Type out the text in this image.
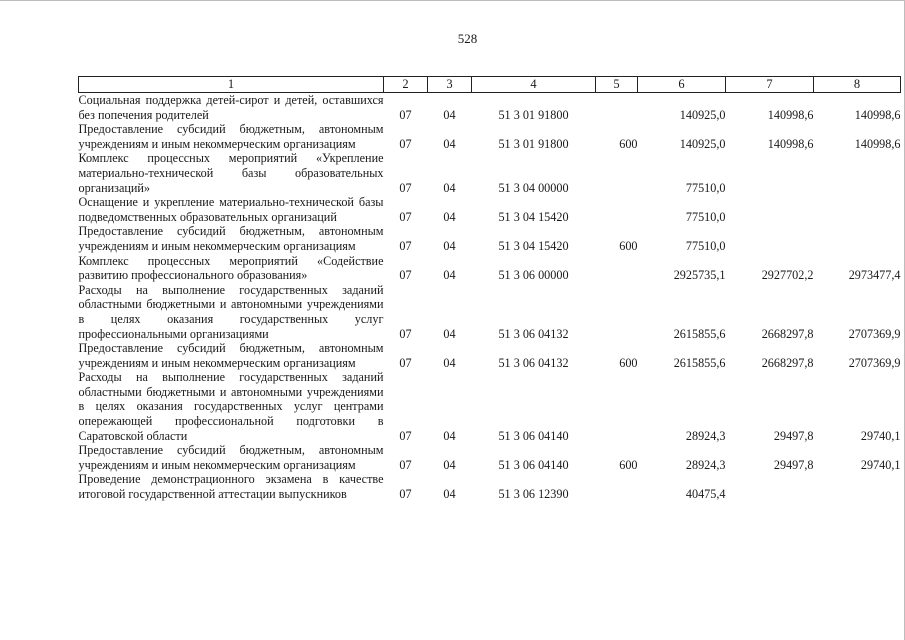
528
1	2	3	4	5	6	7	8

Социальная поддержка детей-сирот и детей, оставшихся без попечения родителей	07	04	51 3 01 91800		140925,0	140998,6	140998,6

Предоставление субсидий бюджетным, автономным учреждениям и иным некоммерческим организациям	07	04	51 3 01 91800	600	140925,0	140998,6	140998,6

Комплекс процессных мероприятий «Укрепление материально-технической базы образовательных организаций»	07	04	51 3 04 00000		77510,0		

Оснащение и укрепление материально-технической базы подведомственных образовательных организаций	07	04	51 3 04 15420		77510,0		

Предоставление субсидий бюджетным, автономным учреждениям и иным некоммерческим организациям	07	04	51 3 04 15420	600	77510,0		

Комплекс процессных мероприятий «Содействие развитию профессионального образования»	07	04	51 3 06 00000		2925735,1	2927702,2	2973477,4

Расходы на выполнение государственных заданий областными бюджетными и автономными учреждениями в целях оказания государственных услуг профессиональными организациями	07	04	51 3 06 04132		2615855,6	2668297,8	2707369,9

Предоставление субсидий бюджетным, автономным учреждениям и иным некоммерческим организациям	07	04	51 3 06 04132	600	2615855,6	2668297,8	2707369,9

Расходы на выполнение государственных заданий областными бюджетными и автономными учреждениями в целях оказания государственных услуг центрами опережающей профессиональной подготовки в Саратовской области	07	04	51 3 06 04140		28924,3	29497,8	29740,1

Предоставление субсидий бюджетным, автономным учреждениям и иным некоммерческим организациям	07	04	51 3 06 04140	600	28924,3	29497,8	29740,1

Проведение демонстрационного экзамена в качестве итоговой государственной аттестации выпускников	07	04	51 3 06 12390		40475,4		
